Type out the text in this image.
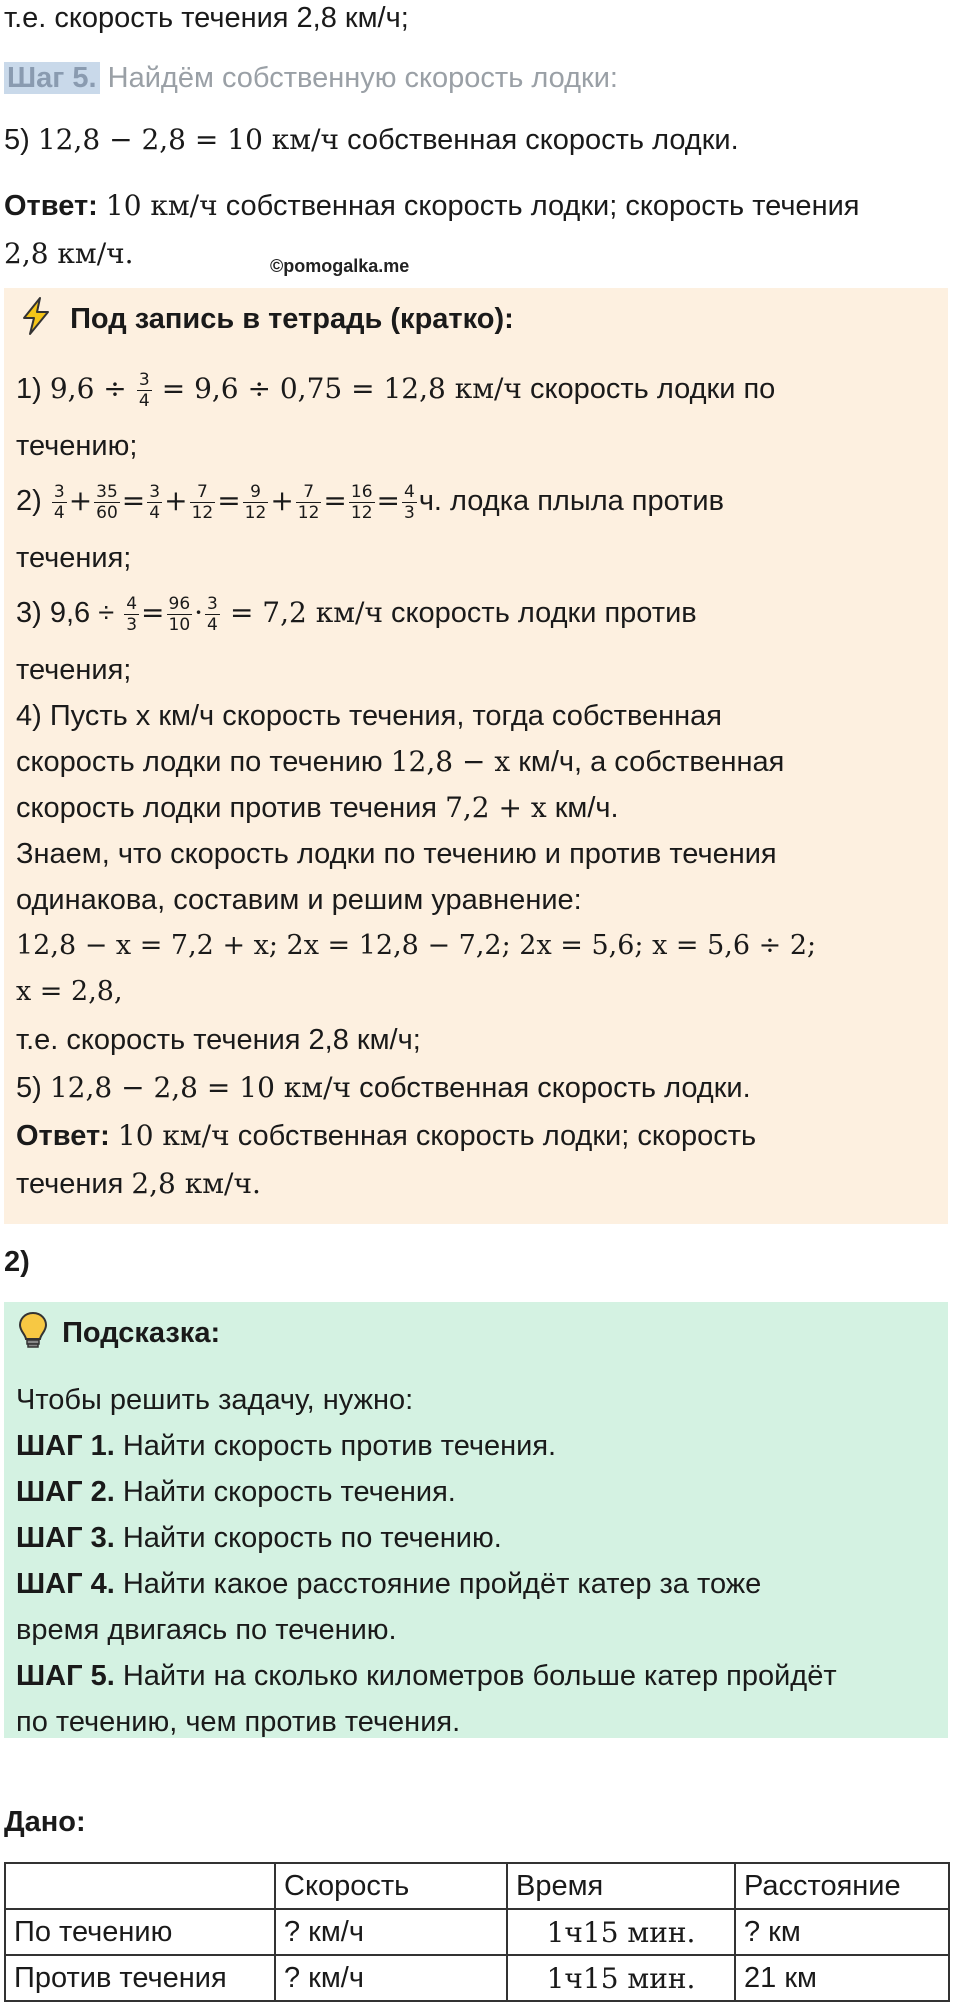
т.е. скорость течения 2,8 км/ч;
Шаг 5. Найдём собственную скорость лодки:
5) 12,8 − 2,8 = 10 км/ч собственная скорость лодки.
Ответ: 10 км/ч собственная скорость лодки; скорость течения
2,8 км/ч.	©pomogalka.me
Под запись в тетрадь (кратко):
1) $9,6 \div \frac{3}{4} = 9,6 \div 0,75 = 12,8$ км/ч скорость лодки по
течению;
$2) \frac{3}{4} + \frac{35}{60} = \frac{3}{4} + \frac{7}{12} = \frac{9}{12} + \frac{7}{12} = \frac{16}{12} = \frac{4}{3} ч$. лодка плыла против
течения;
3) $9,6 \div \frac{4}{3} = \frac{96}{10} \cdot \frac{3}{4} = 7,2$ км/ч скорость лодки против
течения;
4) Пусть х км/ч скорость течения, тогда собственная
скорость лодки по течению 12,8 − x км/ч, а собственная
скорость лодки против течения 7,2 + x км/ч.
Знаем, что скорость лодки по течению и против течения
одинакова, составим и решим уравнение:
12,8 − x = 7,2 + x; 2x = 12,8 − 7,2; 2x = 5,6; x = 5,6 ÷ 2;
x = 2,8,
т.е. скорость течения 2,8 км/ч;
5) 12,8 − 2,8 = 10 км/ч собственная скорость лодки.
Ответ: 10 км/ч собственная скорость лодки; скорость
течения 2,8 км/ч.
2)
Подсказка:
Чтобы решить задачу, нужно:
ШАГ 1. Найти скорость против течения.
ШАГ 2. Найти скорость течения.
ШАГ 3. Найти скорость по течению.
ШАГ 4. Найти какое расстояние пройдёт катер за тоже
время двигаясь по течению.
ШАГ 5. Найти на сколько километров больше катер пройдёт
по течению, чем против течения.
Дано:
	Скорость	Время	Расстояние
По течению	? км/ч	1ч15 мин.	? км
Против течения	? км/ч	1ч15 мин.	21 км
